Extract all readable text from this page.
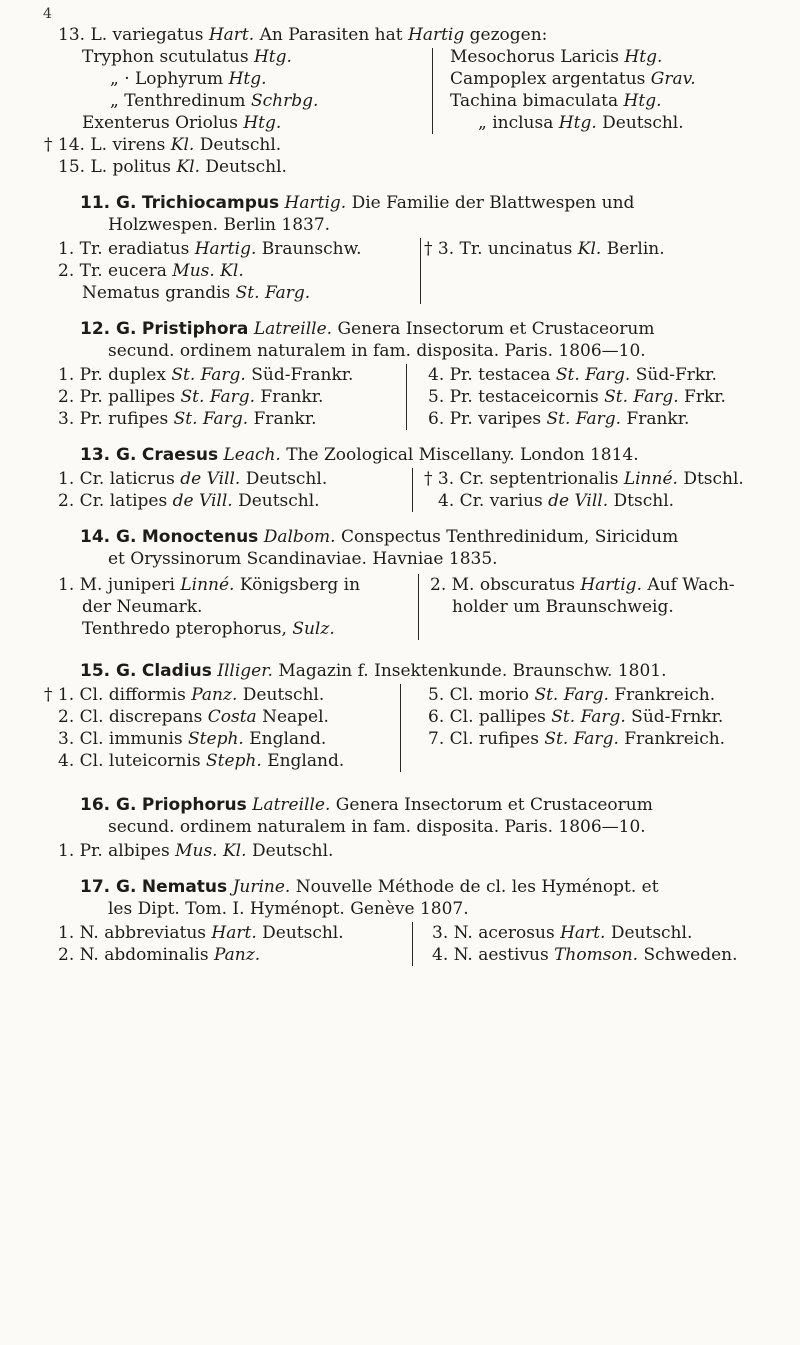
4
13. L. variegatus Hart. An Parasiten hat Hartig gezogen:
Tryphon scutulatus Htg.
„ · Lophyrum Htg.
„ Tenthredinum Schrbg.
Exenterus Oriolus Htg.
Mesochorus Laricis Htg.
Campoplex argentatus Grav.
Tachina bimaculata Htg.
„ inclusa Htg. Deutschl.
† 14. L. virens Kl. Deutschl.
15. L. politus Kl. Deutschl.
11. G. Trichiocampus Hartig. Die Familie der Blattwespen und
Holzwespen. Berlin 1837.
1. Tr. eradiatus Hartig. Braunschw.
2. Tr. eucera Mus. Kl.
Nematus grandis St. Farg.
† 3. Tr. uncinatus Kl. Berlin.
12. G. Pristiphora Latreille. Genera Insectorum et Crustaceorum
secund. ordinem naturalem in fam. disposita. Paris. 1806—10.
1. Pr. duplex St. Farg. Süd-Frankr.
2. Pr. pallipes St. Farg. Frankr.
3. Pr. rufipes St. Farg. Frankr.
4. Pr. testacea St. Farg. Süd-Frkr.
5. Pr. testaceicornis St. Farg. Frkr.
6. Pr. varipes St. Farg. Frankr.
13. G. Craesus Leach. The Zoological Miscellany. London 1814.
1. Cr. laticrus de Vill. Deutschl.
2. Cr. latipes de Vill. Deutschl.
† 3. Cr. septentrionalis Linné. Dtschl.
4. Cr. varius de Vill. Dtschl.
14. G. Monoctenus Dalbom. Conspectus Tenthredinidum, Siricidum
et Oryssinorum Scandinaviae. Havniae 1835.
1. M. juniperi Linné. Königsberg in
der Neumark.
Tenthredo pterophorus, Sulz.
2. M. obscuratus Hartig. Auf Wach-
holder um Braunschweig.
15. G. Cladius Illiger. Magazin f. Insektenkunde. Braunschw. 1801.
† 1. Cl. difformis Panz. Deutschl.
2. Cl. discrepans Costa Neapel.
3. Cl. immunis Steph. England.
4. Cl. luteicornis Steph. England.
5. Cl. morio St. Farg. Frankreich.
6. Cl. pallipes St. Farg. Süd-Frnkr.
7. Cl. rufipes St. Farg. Frankreich.
16. G. Priophorus Latreille. Genera Insectorum et Crustaceorum
secund. ordinem naturalem in fam. disposita. Paris. 1806—10.
1. Pr. albipes Mus. Kl. Deutschl.
17. G. Nematus Jurine. Nouvelle Méthode de cl. les Hyménopt. et
les Dipt. Tom. I. Hyménopt. Genève 1807.
1. N. abbreviatus Hart. Deutschl.
2. N. abdominalis Panz.
3. N. acerosus Hart. Deutschl.
4. N. aestivus Thomson. Schweden.
